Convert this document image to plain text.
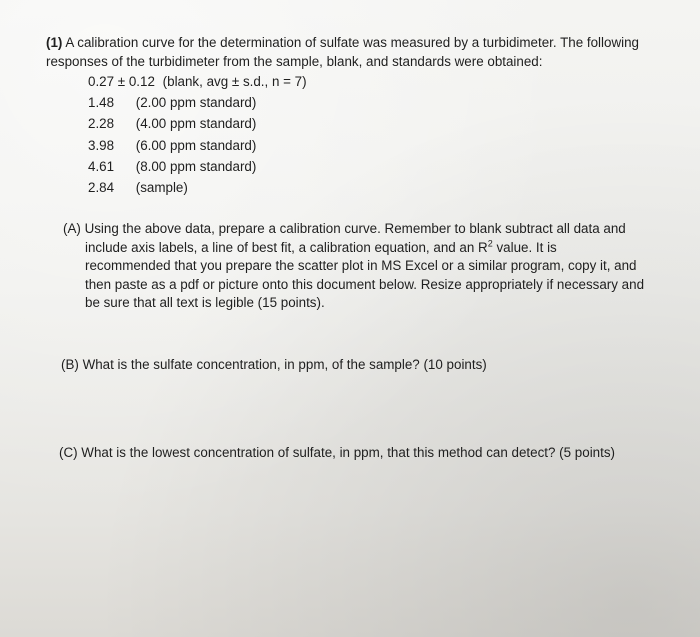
(1) A calibration curve for the determination of sulfate was measured by a turbidimeter. The following responses of the turbidimeter from the sample, blank, and standards were obtained:
0.27 ± 0.12 (blank, avg ± s.d., n = 7)
1.48 (2.00 ppm standard)
2.28 (4.00 ppm standard)
3.98 (6.00 ppm standard)
4.61 (8.00 ppm standard)
2.84 (sample)
(A) Using the above data, prepare a calibration curve. Remember to blank subtract all data and include axis labels, a line of best fit, a calibration equation, and an $R^2$ value. It is recommended that you prepare the scatter plot in MS Excel or a similar program, copy it, and then paste as a pdf or picture onto this document below. Resize appropriately if necessary and be sure that all text is legible (15 points).
(B) What is the sulfate concentration, in ppm, of the sample? (10 points)
(C) What is the lowest concentration of sulfate, in ppm, that this method can detect? (5 points)
